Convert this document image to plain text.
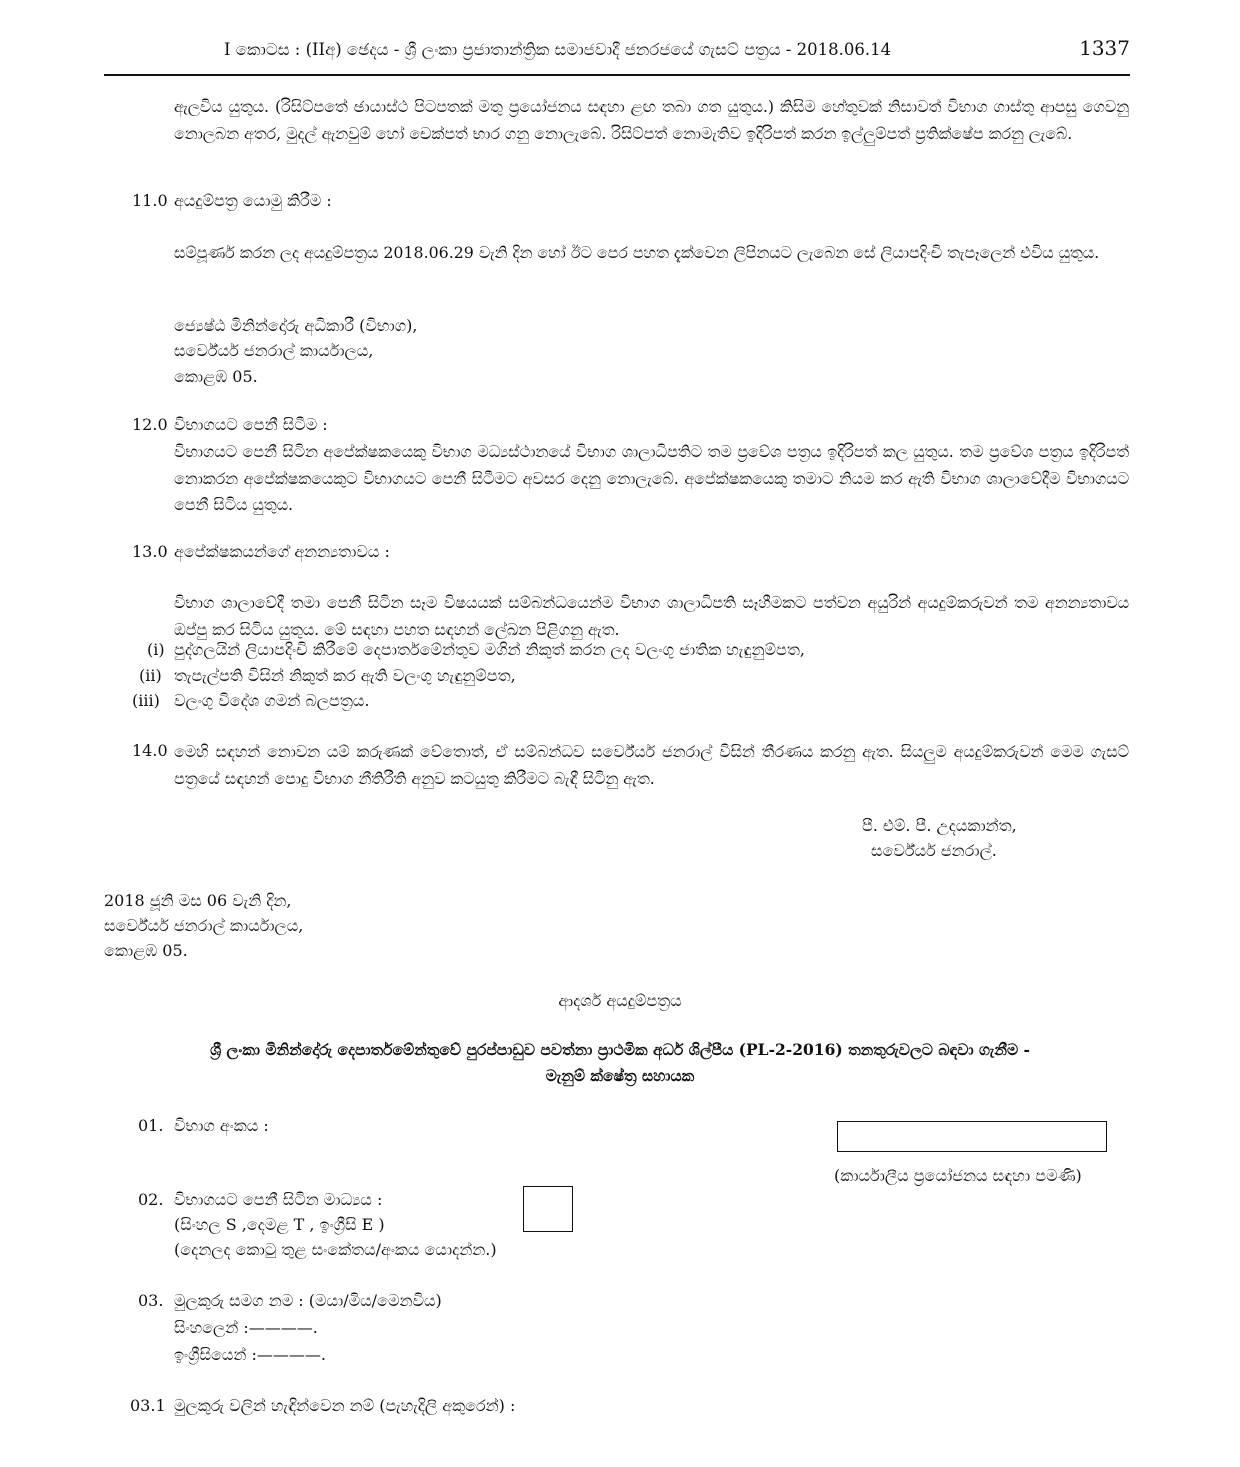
I කොටස : (IIඅ) ඡෙදය - ශ්‍රී ලංකා ප්‍රජාතාන්ත්‍රික සමාජවාදී ජනරජයේ ගැසට් පත්‍රය - 2018.06.14	1337
ඇලවිය යුතුය. (රිසිට්පතේ ඡායාස්ථ පිටපතක් මතු ප්‍රයෝජනය සඳහා ළඟ තබා ගත යුතුය.) කිසිම හේතුවක් නිසාවත් විභාග ගාස්තු ආපසු ගෙවනු නොලබන අතර, මුදල් ඇනවුම් හෝ චෙක්පත් භාර ගනු නොලැබේ. රිසිට්පත් නොමැතිව ඉදිරිපත් කරන ඉල්ලුම්පත් ප්‍රතික්ෂේප කරනු ලැබේ.
11.0 අයදුම්පත්‍ර යොමු කිරීම :
සම්පූර්ණ කරන ලද අයදුම්පත්‍රය 2018.06.29 වැනි දින හෝ ඊට පෙර පහත දැක්වෙන ලිපිනයට ලැබෙන සේ ලියාපදිංචි තැපෑලෙන් එවිය යුතුය.
ජ්‍යෙෂ්ඨ මිනින්දෝරු අධිකාරී (විභාග),
සර්වේයර් ජනරාල් කාර්යාලය,
කොළඹ 05.
12.0 විභාගයට පෙනී සිටීම :
විභාගයට පෙනී සිටින අපේක්ෂකයෙකු විභාග මධ්‍යස්ථානයේ විභාග ශාලාධිපතිට තම ප්‍රවේශ පත්‍රය ඉදිරිපත් කල යුතුය. තම ප්‍රවේශ පත්‍රය ඉදිරිපත් නොකරන අපේක්ෂකයෙකුට විභාගයට පෙනී සිටීමට අවසර දෙනු නොලැබේ. අපේක්ෂකයෙකු තමාට නියම කර ඇති විභාග ශාලාවේදීම විභාගයට පෙනී සිටිය යුතුය.
13.0 අපේක්ෂකයන්ගේ අනන්‍යතාවය :
විභාග ශාලාවේදී තමා පෙනී සිටින සෑම විෂයයක් සම්බන්ධයෙන්ම විභාග ශාලාධිපති සෑහීමකට පත්වන අයුරින් අයදුම්කරුවන් තම අනන්‍යතාවය ඔප්පු කර සිටිය යුතුය. මේ සඳහා පහත සඳහන් ලේඛන පිළිගනු ඇත.
(i) පුද්ගලයින් ලියාපදිංචි කිරීමේ දෙපාර්තමේන්තුව මගින් නිකුත් කරන ලද වලංගු ජාතික හැඳුනුම්පත,
(ii) තැපැල්පති විසින් නිකුත් කර ඇති වලංගු හැඳුනුම්පත,
(iii) වලංගු විදේශ ගමන් බලපත්‍රය.
14.0 මෙහි සඳහන් නොවන යම් කරුණක් වේතොත්, ඒ සම්බන්ධව සර්වේයර් ජනරාල් විසින් තීරණය කරනු ඇත. සියලුම අයදුම්කරුවන් මෙම ගැසට් පත්‍රයේ සඳහන් පොදු විභාග නීතිරීති අනුව කටයුතු කිරීමට බැඳී සිටිනු ඇත.
පී. එම්. පී. උදයකාන්ත,
සර්වේයර් ජනරාල්.
2018 ජූනි මස 06 වැනි දින,
සර්වේයර් ජනරාල් කාර්යාලය,
කොළඹ 05.
ආදර්ශ අයදුම්පත්‍රය
ශ්‍රී ලංකා මිනින්දෝරු දෙපාර්තමේන්තුවේ පුරප්පාඩුව පවත්නා ප්‍රාථමික අර්ධ ශිල්පීය (PL-2-2016) තනතුරුවලට බඳවා ගැනීම -
මැනුම් ක්ෂේත්‍ර සහායක
01. විභාග අංකය :
(කාර්යාලීය ප්‍රයෝජනය සඳහා පමණි)
02. විභාගයට පෙනී සිටින මාධ්‍යය :
(සිංහල S ,දෙමළ T , ඉංග්‍රීසි E )
(දෙනලද කොටු තුළ සංකේතය/අංකය යොදන්න.)
03. මුලකුරු සමග නම : (මයා/මිය/මෙනවිය)
සිංහලෙන් :————.
ඉංග්‍රීසියෙන් :————.
03.1 මුලකුරු වලින් හැඳින්වෙන නම් (පැහැදිලි අකුරෙන්) :
